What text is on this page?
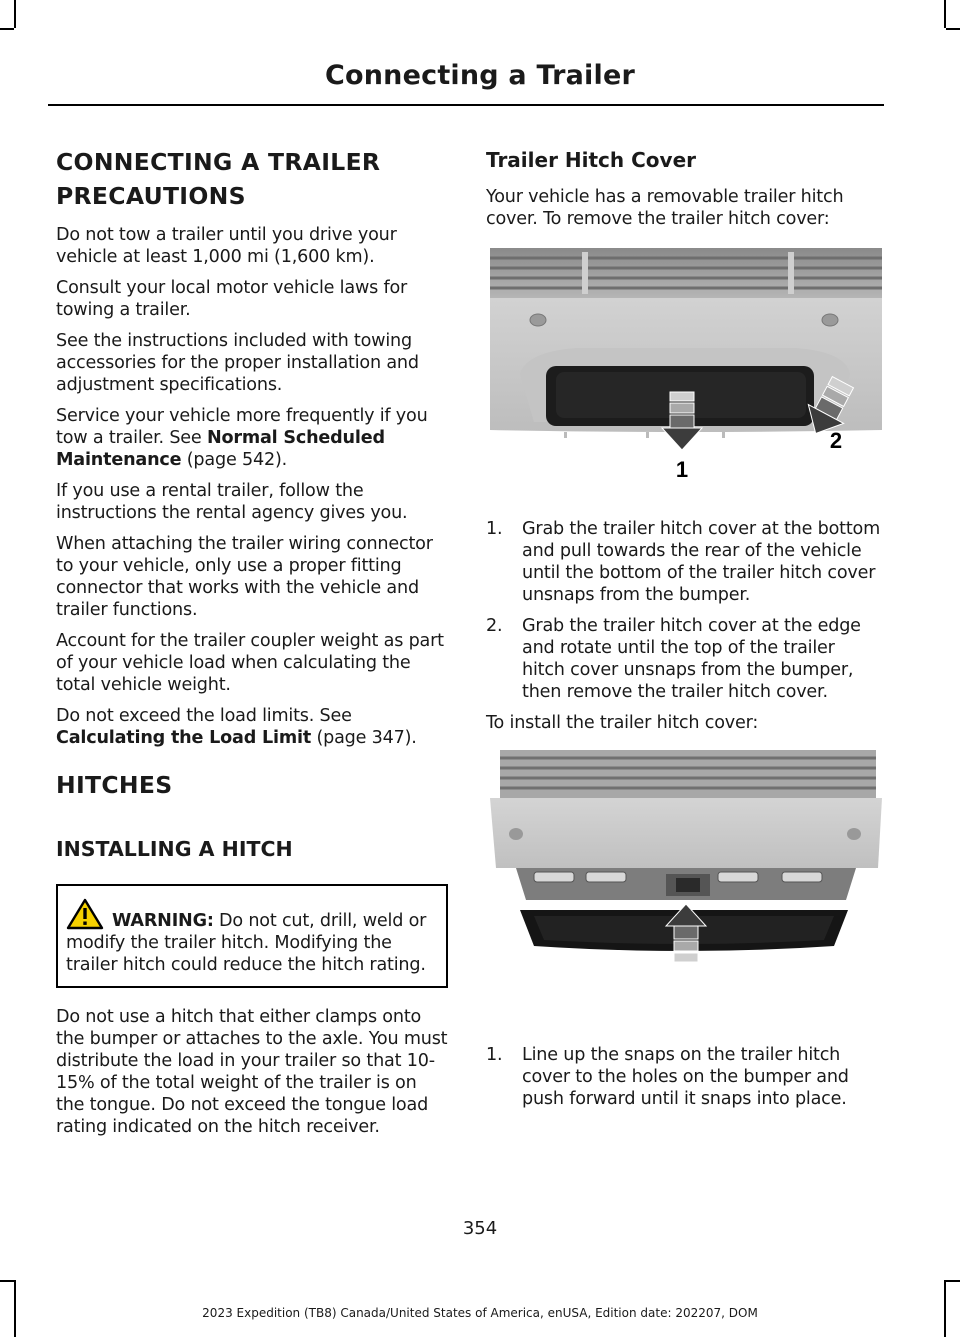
Connecting a Trailer
CONNECTING A TRAILER
PRECAUTIONS

Do not tow a trailer until you drive your vehicle at least 1,000 mi (1,600 km).

Consult your local motor vehicle laws for towing a trailer.

See the instructions included with towing accessories for the proper installation and adjustment specifications.

Service your vehicle more frequently if you tow a trailer. See Normal Scheduled Maintenance (page 542).

If you use a rental trailer, follow the instructions the rental agency gives you.

When attaching the trailer wiring connector to your vehicle, only use a proper fitting connector that works with the vehicle and trailer functions.

Account for the trailer coupler weight as part of your vehicle load when calculating the total vehicle weight.

Do not exceed the load limits. See Calculating the Load Limit (page 347).

HITCHES
INSTALLING A HITCH
WARNING: Do not cut, drill, weld or modify the trailer hitch. Modifying the trailer hitch could reduce the hitch rating.

Do not use a hitch that either clamps onto the bumper or attaches to the axle. You must distribute the load in your trailer so that 10-15% of the total weight of the trailer is on the tongue. Do not exceed the tongue load rating indicated on the hitch receiver.

Trailer Hitch Cover

Your vehicle has a removable trailer hitch cover. To remove the trailer hitch cover:

1
2
1. Grab the trailer hitch cover at the bottom and pull towards the rear of the vehicle until the bottom of the trailer hitch cover unsnaps from the bumper.
2. Grab the trailer hitch cover at the edge and rotate until the top of the trailer hitch cover unsnaps from the bumper, then remove the trailer hitch cover.

To install the trailer hitch cover:

1. Line up the snaps on the trailer hitch cover to the holes on the bumper and push forward until it snaps into place.
354
2023 Expedition (TB8) Canada/United States of America, enUSA, Edition date: 202207, DOM
